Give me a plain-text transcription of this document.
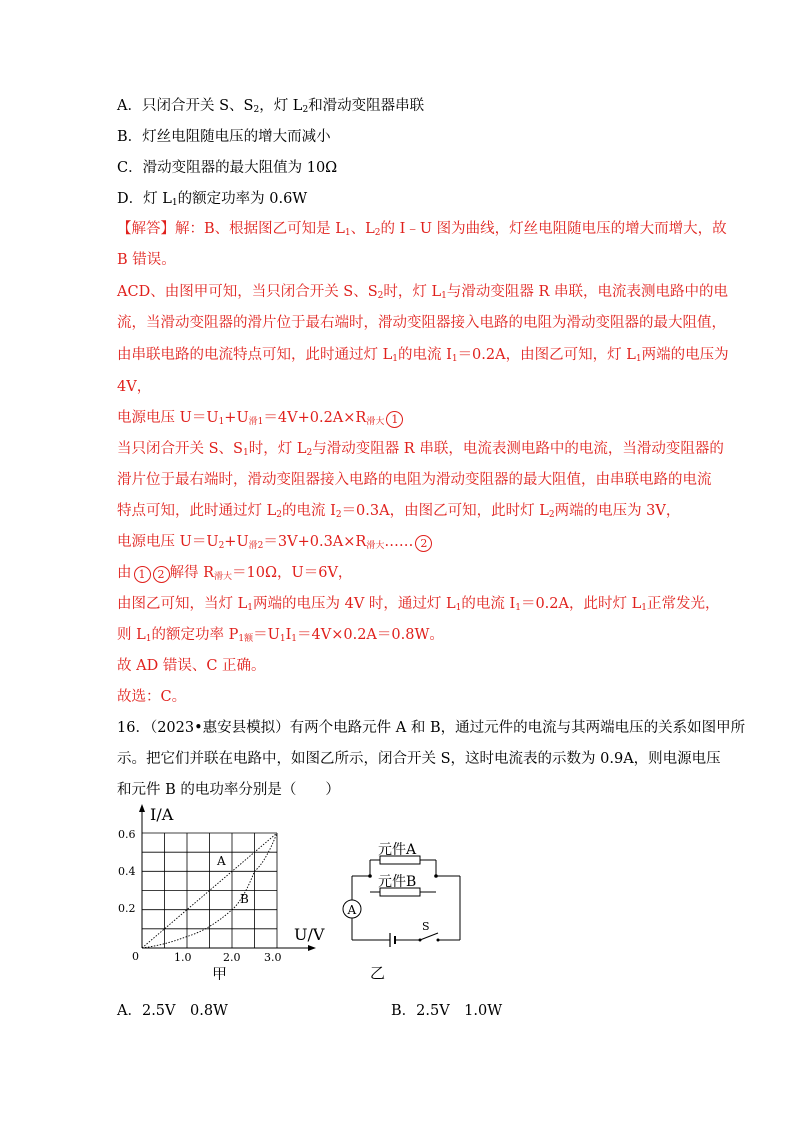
A．只闭合开关 S、$S_2$，灯 $L_2$和滑动变阻器串联
B．灯丝电阻随电压的增大而减小
C．滑动变阻器的最大阻值为 10Ω
D．灯 $L_1$的额定功率为 0.6W
【解答】解：B、根据图乙可知是 $L_1$、$L_2$的 I﹣U 图为曲线，灯丝电阻随电压的增大而增大，故
B 错误。
ACD、由图甲可知，当只闭合开关 S、$S_2$时，灯 $L_1$与滑动变阻器 R 串联，电流表测电路中的电
流，当滑动变阻器的滑片位于最右端时，滑动变阻器接入电路的电阻为滑动变阻器的最大阻值，
由串联电路的电流特点可知，此时通过灯 $L_1$的电流 $I_1=0.2A$，由图乙可知，灯 $L_1$两端的电压为
4V，
电源电压 $U=U_1+U_{滑1}=4V+0.2A\times R_{滑大}$ 1
当只闭合开关 S、$S_1$时，灯 $L_2$与滑动变阻器 R 串联，电流表测电路中的电流，当滑动变阻器的
滑片位于最右端时，滑动变阻器接入电路的电阻为滑动变阻器的最大阻值，由串联电路的电流
特点可知，此时通过灯 $L_2$的电流 $I_2=0.3A$，由图乙可知，此时灯 $L_2$两端的电压为 3V，
电源电压 $U=U_2+U_{滑2}=3V+0.3A\times R_{滑大}\dots\dots$ 2
由 1 2 解得 $R_{滑大}=10\Omega$，U＝6V，
由图乙可知，当灯 $L_1$两端的电压为 4V 时，通过灯 $L_1$的电流 $I_1=0.2A$，此时灯 $L_1$正常发光，
则 $L_1$的额定功率 $P_{1额}=U_1I_1=4V\times 0.2A=0.8W$。
故 AD 错误、C 正确。
故选：C。
16．（2023•惠安县模拟）有两个电路元件 A 和 B，通过元件的电流与其两端电压的关系如图甲所
示。把它们并联在电路中，如图乙所示，闭合开关 S，这时电流表的示数为 0.9A，则电源电压
和元件 B 的电功率分别是（　　）
I/A
U/V
0.6
0.4
0.2
0	1.0	2.0 3.0
A
B
甲
元件A
元件B
A
S
乙
A．2.5V　0.8W	B．2.5V　1.0W
